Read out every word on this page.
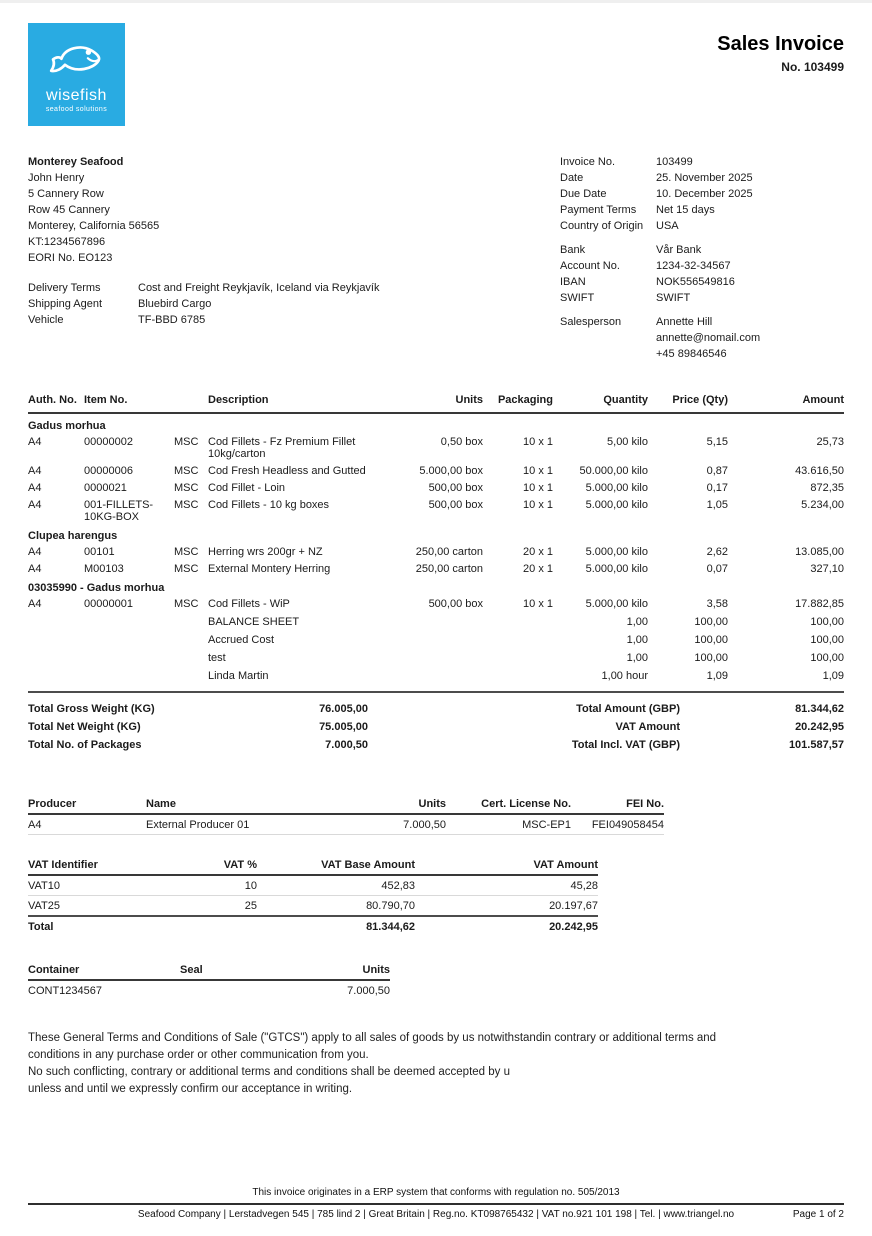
wisefish
seafood solutions
Sales Invoice
No. 103499
Monterey Seafood
John Henry
5 Cannery Row
Row 45 Cannery
Monterey, California 56565
KT:1234567896
EORI No. EO123
Delivery Terms	Cost and Freight Reykjavík, Iceland via Reykjavík
Shipping Agent	Bluebird Cargo
Vehicle	TF-BBD 6785
Invoice No.	103499
Date	25. November 2025
Due Date	10. December 2025
Payment Terms	Net 15 days
Country of Origin	USA
Bank	Vår Bank
Account No.	1234-32-34567
IBAN	NOK556549816
SWIFT	SWIFT
Salesperson	Annette Hill
annette@nomail.com
+45 89846546
Auth. No.	Item No.		Description	Units	Packaging	Quantity	Price (Qty)	Amount
Gadus morhua								
A4	00000002	MSC	Cod Fillets - Fz Premium Fillet 10kg/carton	0,50 box	10 x 1	5,00 kilo	5,15	25,73
A4	00000006	MSC	Cod Fresh Headless and Gutted	5.000,00 box	10 x 1	50.000,00 kilo	0,87	43.616,50
A4	0000021	MSC	Cod Fillet - Loin	500,00 box	10 x 1	5.000,00 kilo	0,17	872,35
A4	001-FILLETS-10KG-BOX	MSC	Cod Fillets - 10 kg boxes	500,00 box	10 x 1	5.000,00 kilo	1,05	5.234,00
Clupea harengus								
A4	00101	MSC	Herring wrs 200gr + NZ	250,00 carton	20 x 1	5.000,00 kilo	2,62	13.085,00
A4	M00103	MSC	External Montery Herring	250,00 carton	20 x 1	5.000,00 kilo	0,07	327,10
03035990 - Gadus morhua								
A4	00000001	MSC	Cod Fillets - WiP	500,00 box	10 x 1	5.000,00 kilo	3,58	17.882,85
			BALANCE SHEET			1,00	100,00	100,00
			Accrued Cost			1,00	100,00	100,00
			test			1,00	100,00	100,00
			Linda Martin			1,00 hour	1,09	1,09
Total Gross Weight (KG)	76.005,00
Total Net Weight (KG)	75.005,00
Total No. of Packages	7.000,50
Total Amount (GBP)	81.344,62
VAT Amount	20.242,95
Total Incl. VAT (GBP)	101.587,57
Producer	Name	Units	Cert. License No.	FEI No.
A4	External Producer 01	7.000,50	MSC-EP1	FEI049058454
VAT Identifier	VAT %	VAT Base Amount	VAT Amount
VAT10	10	452,83	45,28
VAT25	25	80.790,70	20.197,67
Total		81.344,62	20.242,95
Container	Seal	Units
CONT1234567		7.000,50
These General Terms and Conditions of Sale ("GTCS") apply to all sales of goods by us notwithstandin contrary or additional terms and
conditions in any purchase order or other communication from you.
No such conflicting, contrary or additional terms and conditions shall be deemed accepted by u
unless and until we expressly confirm our acceptance in writing.
This invoice originates in a ERP system that conforms with regulation no. 505/2013
Seafood Company | Lerstadvegen 545 | 785 lind 2 | Great Britain | Reg.no. KT098765432 | VAT no.921 101 198 | Tel. | www.triangel.no	Page 1 of 2
